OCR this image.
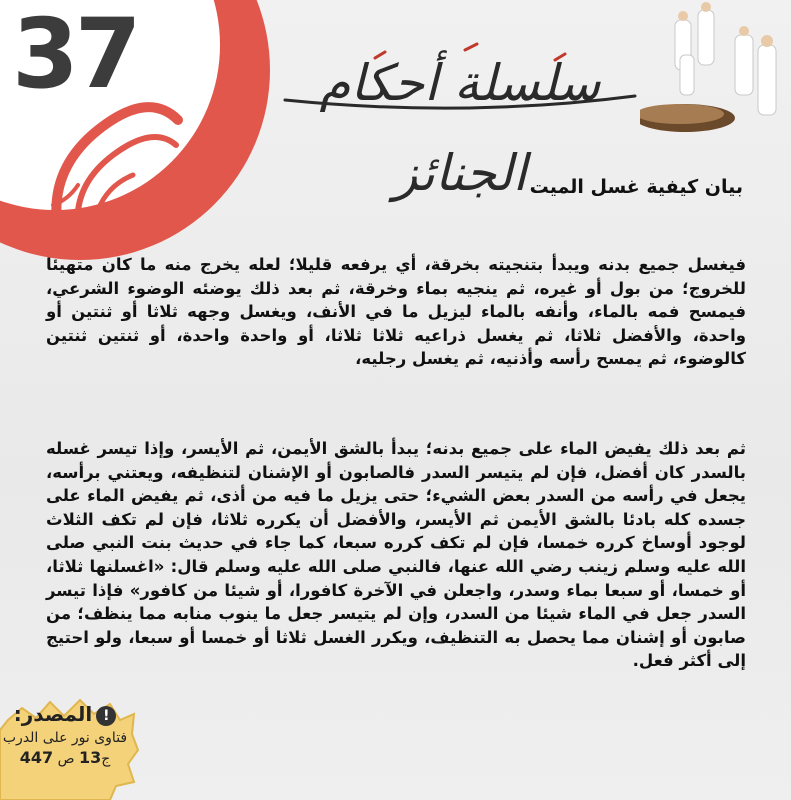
37	سلسلة أحكام الجنائز بيان كيفية غسل الميت
فيغسل جميع بدنه ويبدأ بتنجيته بخرقة، أي يرفعه قليلا؛ لعله يخرج منه ما كان متهيئا للخروج؛ من بول أو غيره، ثم ينجيه بماء وخرقة، ثم بعد ذلك يوضئه الوضوء الشرعي، فيمسح فمه بالماء، وأنفه بالماء ليزيل ما في الأنف، ويغسل وجهه ثلاثا أو ثنتين أو واحدة، والأفضل ثلاثا، ثم يغسل ذراعيه ثلاثا ثلاثا، أو واحدة واحدة، أو ثنتين ثنتين كالوضوء، ثم يمسح رأسه وأذنيه، ثم يغسل رجليه،
ثم بعد ذلك يفيض الماء على جميع بدنه؛ يبدأ بالشق الأيمن، ثم الأيسر، وإذا تيسر غسله بالسدر كان أفضل، فإن لم يتيسر السدر فالصابون أو الإشنان لتنظيفه، ويعتني برأسه، يجعل في رأسه من السدر بعض الشيء؛ حتى يزيل ما فيه من أذى، ثم يفيض الماء على جسده كله بادئا بالشق الأيمن ثم الأيسر، والأفضل أن يكرره ثلاثا، فإن لم تكف الثلاث لوجود أوساخ كرره خمسا، فإن لم تكف كرره سبعا، كما جاء في حديث بنت النبي صلى الله عليه وسلم زينب رضي الله عنها، فالنبي صلى الله عليه وسلم قال: «اغسلنها ثلاثا، أو خمسا، أو سبعا بماء وسدر، واجعلن في الآخرة كافورا، أو شيئا من كافور» فإذا تيسر السدر جعل في الماء شيئا من السدر، وإن لم يتيسر جعل ما ينوب منابه مما ينظف؛ من صابون أو إشنان مما يحصل به التنظيف، ويكرر الغسل ثلاثا أو خمسا أو سبعا، ولو احتيج إلى أكثر فعل.
!المصدر:
فتاوى نور على الدرب
ج13 ص 447
